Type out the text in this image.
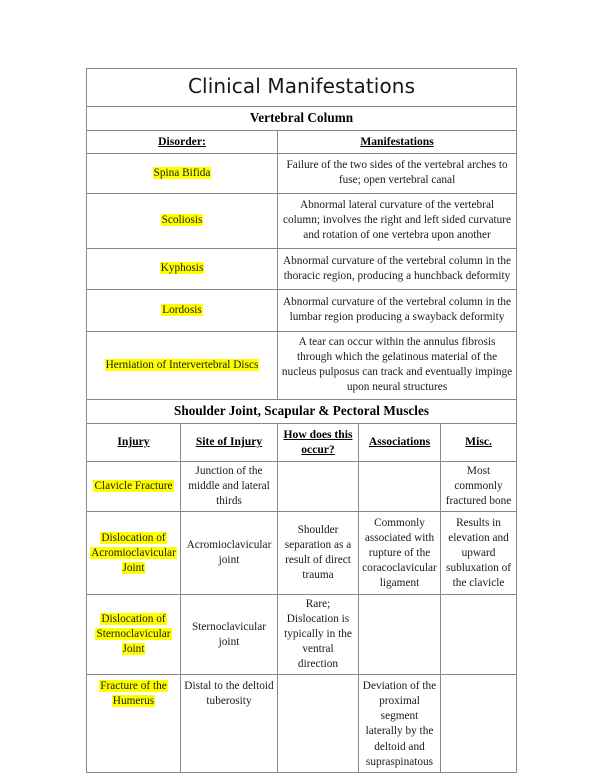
Clinical Manifestations				
Vertebral Column				
Disorder:		Manifestations		
Spina Bifida		Failure of the two sides of the vertebral arches to fuse; open vertebral canal		
Scoliosis		Abnormal lateral curvature of the vertebral column; involves the right and left sided curvature and rotation of one vertebra upon another		
Kyphosis		Abnormal curvature of the vertebral column in the thoracic region, producing a hunchback deformity		
Lordosis		Abnormal curvature of the vertebral column in the lumbar region producing a swayback deformity		
Herniation of Intervertebral Discs		A tear can occur within the annulus fibrosis through which the gelatinous material of the nucleus pulposus can track and eventually impinge upon neural structures		
Shoulder Joint, Scapular & Pectoral Muscles				
Injury	Site of Injury	How does this occur?	Associations	Misc.
Clavicle Fracture	Junction of the middle and lateral thirds			Most commonly fractured bone
Dislocation of Acromioclavicular Joint	Acromioclavicular joint	Shoulder separation as a result of direct trauma	Commonly associated with rupture of the coracoclavicular ligament	Results in elevation and upward subluxation of the clavicle
Dislocation of Sternoclavicular Joint	Sternoclavicular joint	Rare; Dislocation is typically in the ventral direction		
Fracture of the Humerus	Distal to the deltoid tuberosity		Deviation of the proximal segment laterally by the deltoid and supraspinatous	
